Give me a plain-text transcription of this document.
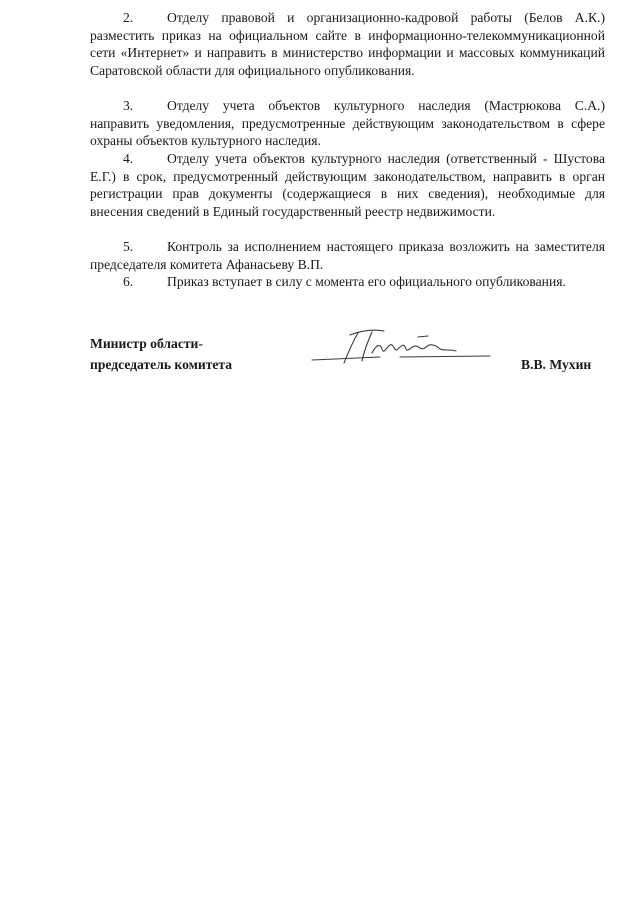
2. Отделу правовой и организационно-кадровой работы (Белов А.К.) разместить приказ на официальном сайте в информационно-телекоммуникационной сети «Интернет» и направить в министерство информации и массовых коммуникаций Саратовской области для официального опубликования.

3. Отделу учета объектов культурного наследия (Мастрюкова С.А.) направить уведомления, предусмотренные действующим законодательством в сфере охраны объектов культурного наследия.

4. Отделу учета объектов культурного наследия (ответственный - Шустова Е.Г.) в срок, предусмотренный действующим законодательством, направить в орган регистрации прав документы (содержащиеся в них сведения), необходимые для внесения сведений в Единый государственный реестр недвижимости.

5. Контроль за исполнением настоящего приказа возложить на заместителя председателя комитета Афанасьеву В.П.

6. Приказ вступает в силу с момента его официального опубликования.

Министр области-
председатель комитета	В.В. Мухин
